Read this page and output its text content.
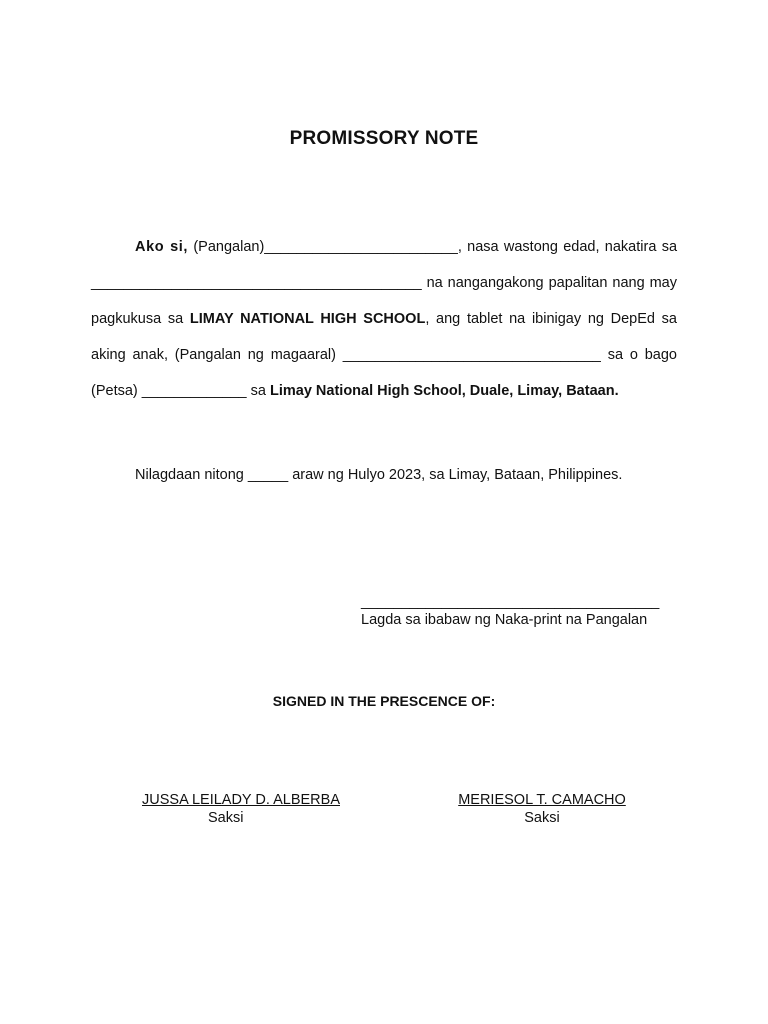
PROMISSORY NOTE

Ako si, (Pangalan)________________________, nasa wastong edad, nakatira sa _________________________________________ na nangangakong papalitan nang may pagkukusa sa LIMAY NATIONAL HIGH SCHOOL, ang tablet na ibinigay ng DepEd sa aking anak, (Pangalan ng magaaral) ________________________________ sa o bago (Petsa) _____________ sa Limay National High School, Duale, Limay, Bataan.

Nilagdaan nitong _____ araw ng Hulyo 2023, sa Limay, Bataan, Philippines.
_____________________________________
Lagda sa ibabaw ng Naka-print na Pangalan
SIGNED IN THE PRESCENCE OF:
JUSSA LEILADY D. ALBERBA
Saksi
MERIESOL T. CAMACHO
Saksi
